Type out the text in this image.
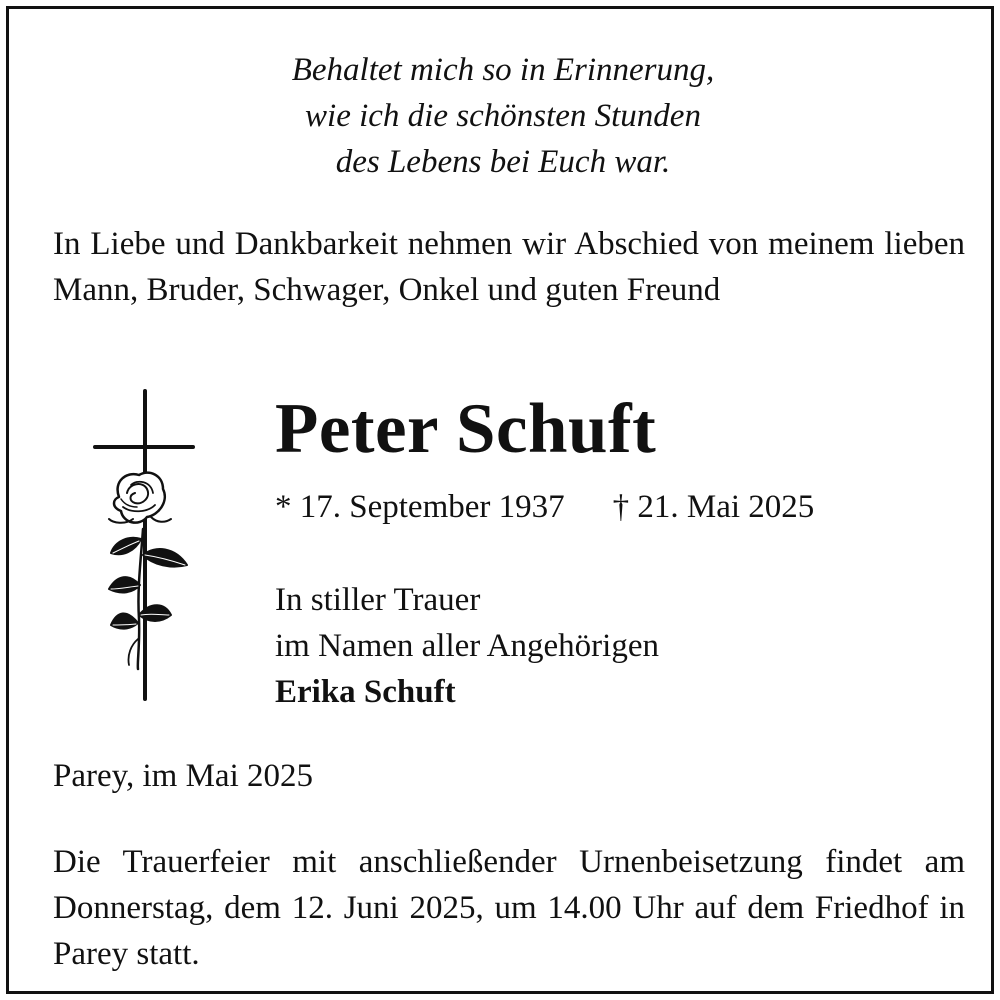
Behaltet mich so in Erinnerung,
wie ich die schönsten Stunden
des Lebens bei Euch war.
In Liebe und Dankbarkeit nehmen wir Abschied von meinem lieben Mann, Bruder, Schwager, Onkel und guten Freund
Peter Schuft
* 17. September 1937 † 21. Mai 2025
In stiller Trauer
im Namen aller Angehörigen
Erika Schuft
Parey, im Mai 2025
Die Trauerfeier mit anschließender Urnenbeisetzung findet am Donnerstag, dem 12. Juni 2025, um 14.00 Uhr auf dem Friedhof in Parey statt.
